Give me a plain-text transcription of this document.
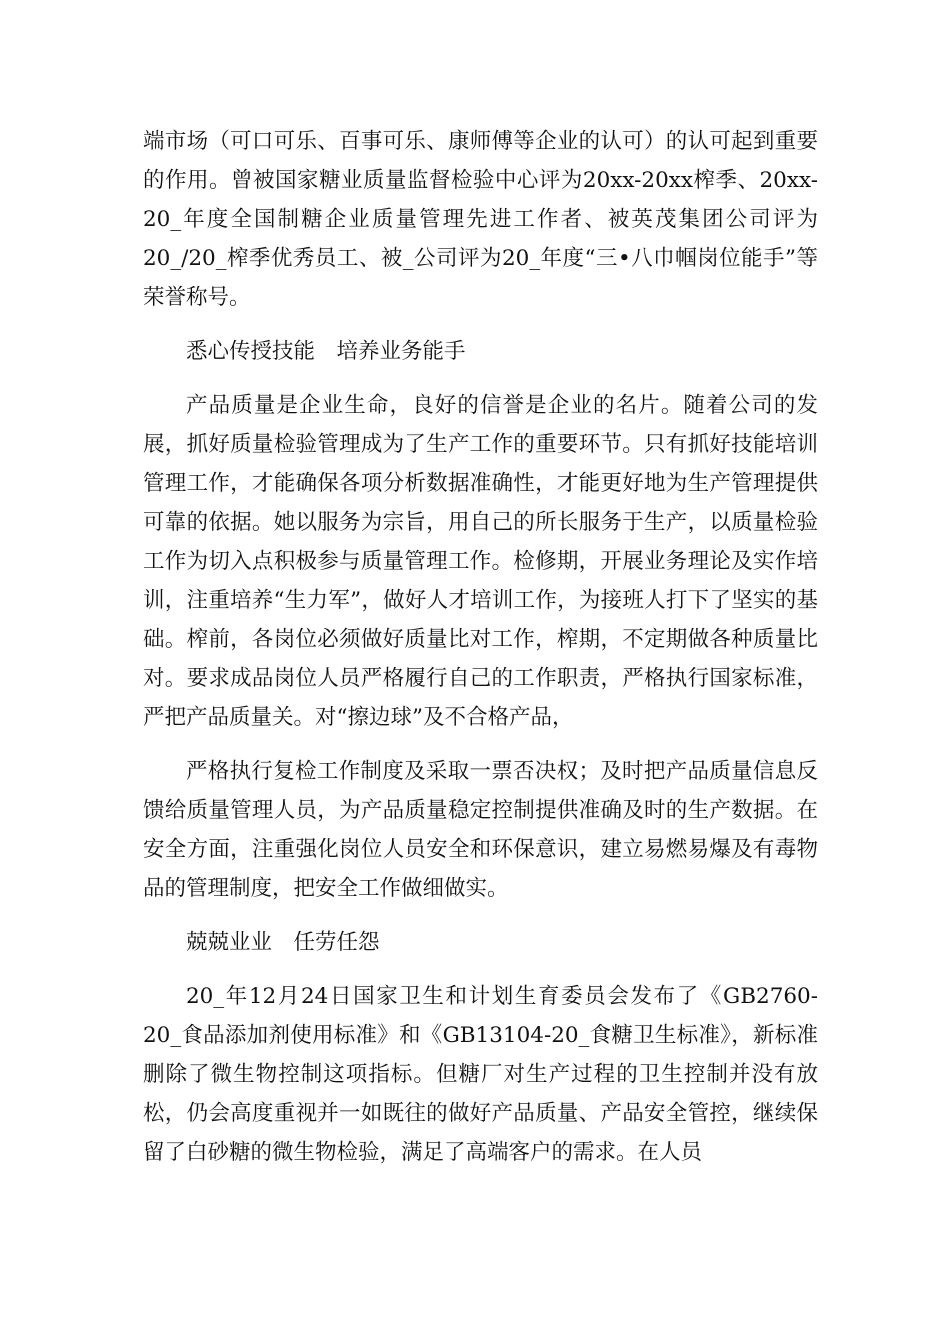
端市场（可口可乐、百事可乐、康师傅等企业的认可）的认可起到重要的作用。曾被国家糖业质量监督检验中心评为20xx-20xx榨季、20xx-20_年度全国制糖企业质量管理先进工作者、被英茂集团公司评为20_/20_榨季优秀员工、被_公司评为20_年度“三•八巾帼岗位能手”等荣誉称号。

悉心传授技能　培养业务能手

产品质量是企业生命，良好的信誉是企业的名片。随着公司的发展，抓好质量检验管理成为了生产工作的重要环节。只有抓好技能培训管理工作，才能确保各项分析数据准确性，才能更好地为生产管理提供可靠的依据。她以服务为宗旨，用自己的所长服务于生产，以质量检验工作为切入点积极参与质量管理工作。检修期，开展业务理论及实作培训，注重培养“生力军”，做好人才培训工作，为接班人打下了坚实的基础。榨前，各岗位必须做好质量比对工作，榨期，不定期做各种质量比对。要求成品岗位人员严格履行自己的工作职责，严格执行国家标准，严把产品质量关。对“擦边球”及不合格产品，

严格执行复检工作制度及采取一票否决权；及时把产品质量信息反馈给质量管理人员，为产品质量稳定控制提供准确及时的生产数据。在安全方面，注重强化岗位人员安全和环保意识，建立易燃易爆及有毒物品的管理制度，把安全工作做细做实。

兢兢业业　任劳任怨

20_年12月24日国家卫生和计划生育委员会发布了《GB2760-20_食品添加剂使用标准》和《GB13104-20_食糖卫生标准》，新标准删除了微生物控制这项指标。但糖厂对生产过程的卫生控制并没有放松，仍会高度重视并一如既往的做好产品质量、产品安全管控，继续保留了白砂糖的微生物检验，满足了高端客户的需求。在人员
